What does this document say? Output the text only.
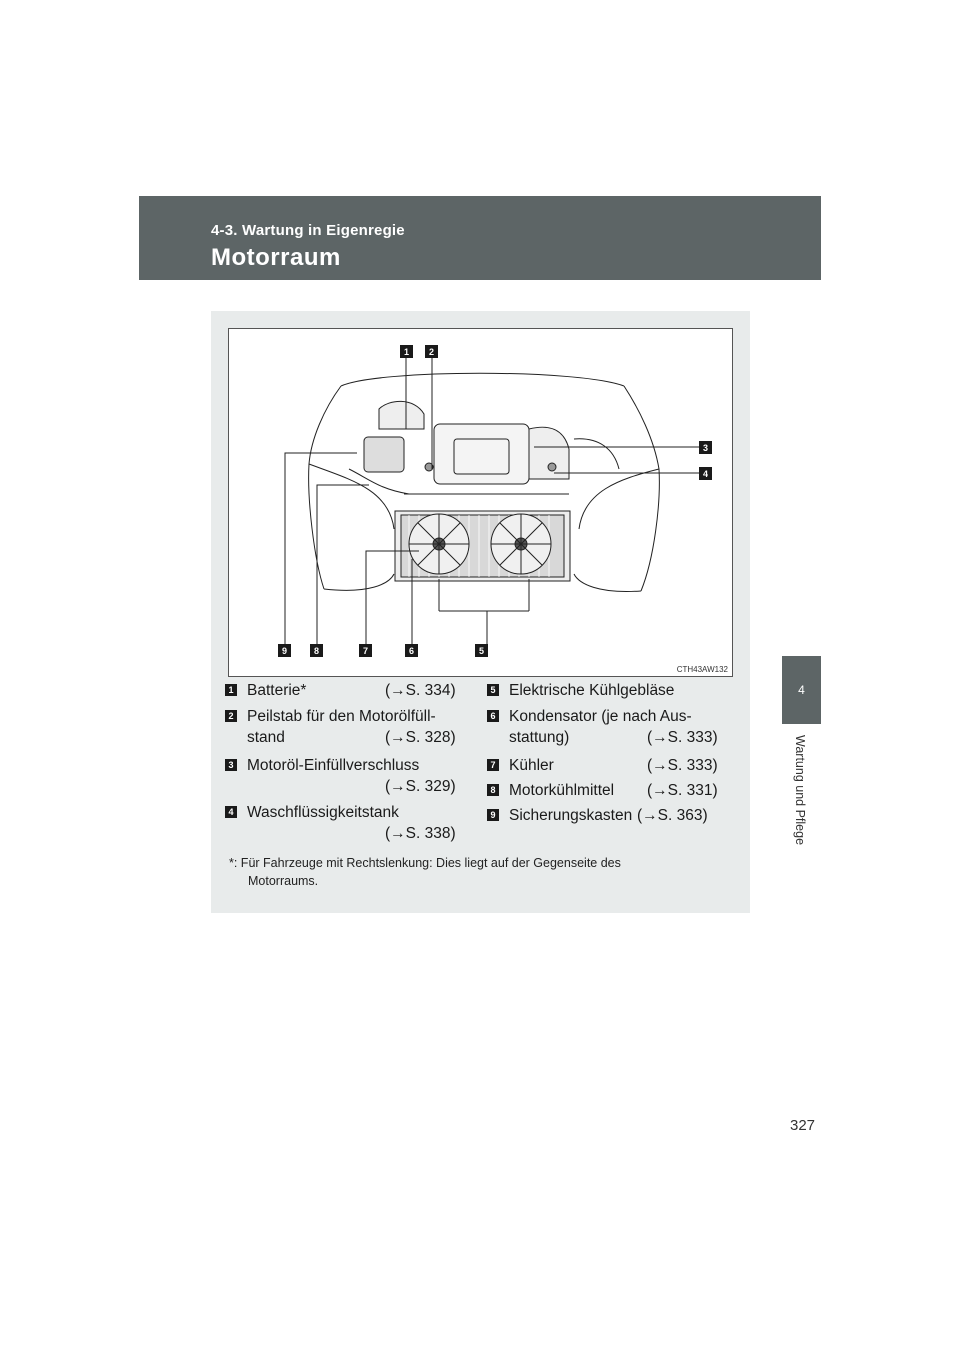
4-3. Wartung in Eigenregie
Motorraum
4
Wartung und Pflege
1 2
3
4
5
6
7
8
9
CTH43AW132
1 Batterie*	(→S. 334)
2 Peilstab für den Motorölfüll-
stand	(→S. 328)
3 Motoröl-Einfüllverschluss
(→S. 329)
4 Waschflüssigkeitstank
(→S. 338)
5 Elektrische Kühlgebläse
6 Kondensator (je nach Aus-
stattung)	(→S. 333)
7 Kühler	(→S. 333)
8 Motorkühlmittel (→S. 331)
9 Sicherungskasten (→S. 363)
*: Für Fahrzeuge mit Rechtslenkung: Dies liegt auf der Gegenseite des
Motorraums.
327
